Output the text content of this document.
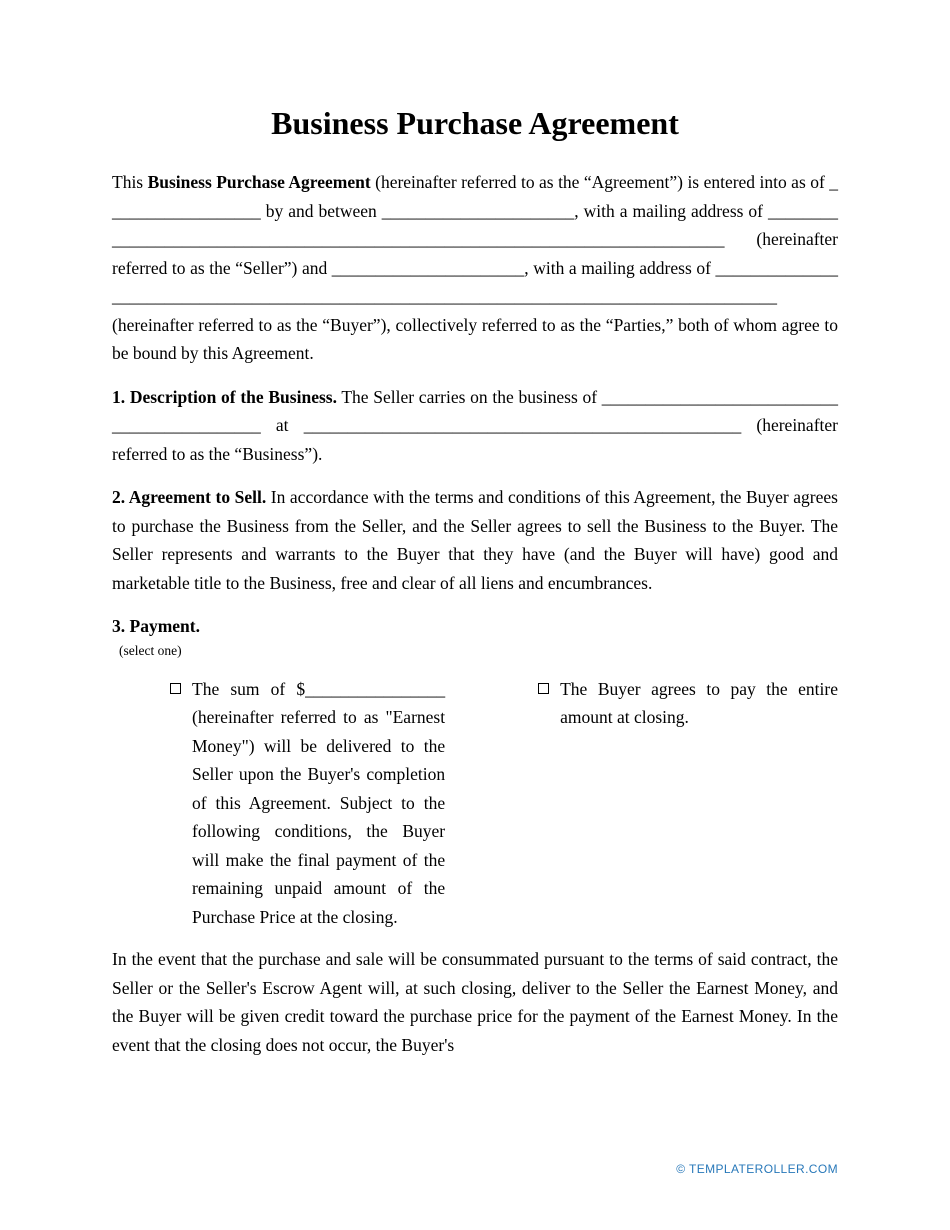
Business Purchase Agreement

This Business Purchase Agreement (hereinafter referred to as the “Agreement”) is entered into as of __________________ by and between ______________________, with a mailing address of ______________________________________________________________________________ (hereinafter referred to as the “Seller”) and ______________________, with a mailing address of __________________________________________________________________________________________ (hereinafter referred to as the “Buyer”), collectively referred to as the “Parties,” both of whom agree to be bound by this Agreement.

1. Description of the Business. The Seller carries on the business of ____________________________________________ at __________________________________________________ (hereinafter referred to as the “Business”).

2. Agreement to Sell. In accordance with the terms and conditions of this Agreement, the Buyer agrees to purchase the Business from the Seller, and the Seller agrees to sell the Business to the Buyer. The Seller represents and warrants to the Buyer that they have (and the Buyer will have) good and marketable title to the Business, free and clear of all liens and encumbrances.

3. Payment.

(select one)

The sum of $________________ (hereinafter referred to as "Earnest Money") will be delivered to the Seller upon the Buyer's completion of this Agreement. Subject to the following conditions, the Buyer will make the final payment of the remaining unpaid amount of the Purchase Price at the closing.
The Buyer agrees to pay the entire amount at closing.

In the event that the purchase and sale will be consummated pursuant to the terms of said contract, the Seller or the Seller's Escrow Agent will, at such closing, deliver to the Seller the Earnest Money, and the Buyer will be given credit toward the purchase price for the payment of the Earnest Money. In the event that the closing does not occur, the Buyer's

© TEMPLATEROLLER.COM
